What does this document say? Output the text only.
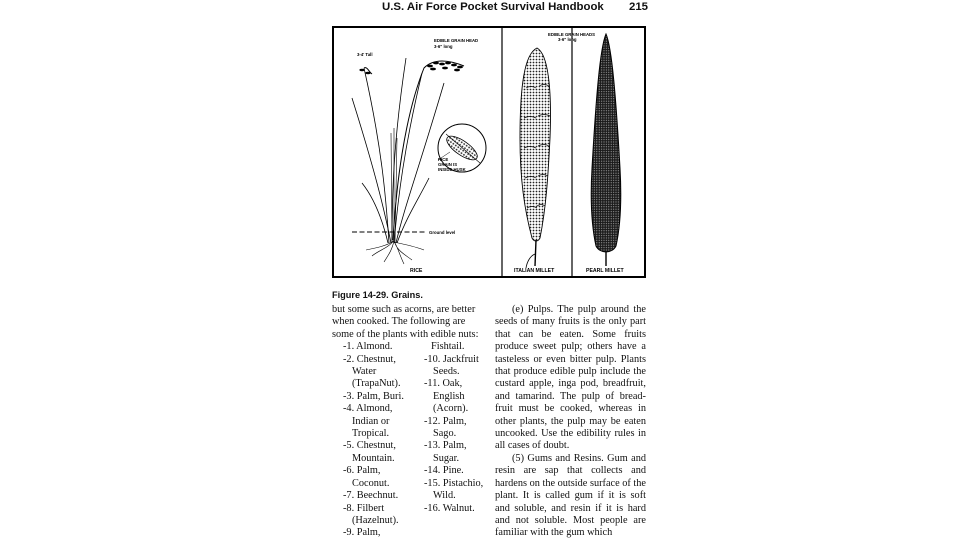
U.S. Air Force Pocket Survival Handbook 215
3-4' Tall
EDIBLE GRAIN HEAD
3-6" long
RICE
GRAIN IS
INSIDE HUSK
Ground level
RICE
EDIBLE GRAIN HEADS
3-6" long
ITALIAN MILLET	PEARL MILLET
Figure 14-29. Grains.

but some such as acorns, are better

when cooked. The following are

some of the plants with edible nuts:

-1. Almond.
-2. Chestnut,
Water
(TrapaNut).
-3. Palm, Buri.
-4. Almond,
Indian or
Tropical.
-5. Chestnut,
Mountain.
-6. Palm,
Coconut.
-7. Beechnut.
-8. Filbert
(Hazelnut).
-9. Palm,
Fishtail.
-10. Jackfruit
Seeds.
-11. Oak,
English
(Acorn).
-12. Palm,
Sago.
-13. Palm,
Sugar.
-14. Pine.
-15. Pistachio,
Wild.
-16. Walnut.

(e) Pulps. The pulp around the seeds of many fruits is the only part that can be eaten. Some fruits produce sweet pulp; others have a tasteless or even bitter pulp. Plants that produce edible pulp include the custard apple, inga pod, breadfruit, and tamarind. The pulp of bread-fruit must be cooked, whereas in other plants, the pulp may be eaten uncooked. Use the edibility rules in all cases of doubt.

(5) Gums and Resins. Gum and resin are sap that collects and hardens on the outside surface of the plant. It is called gum if it is soft and soluble, and resin if it is hard and not soluble. Most people are familiar with the gum which
